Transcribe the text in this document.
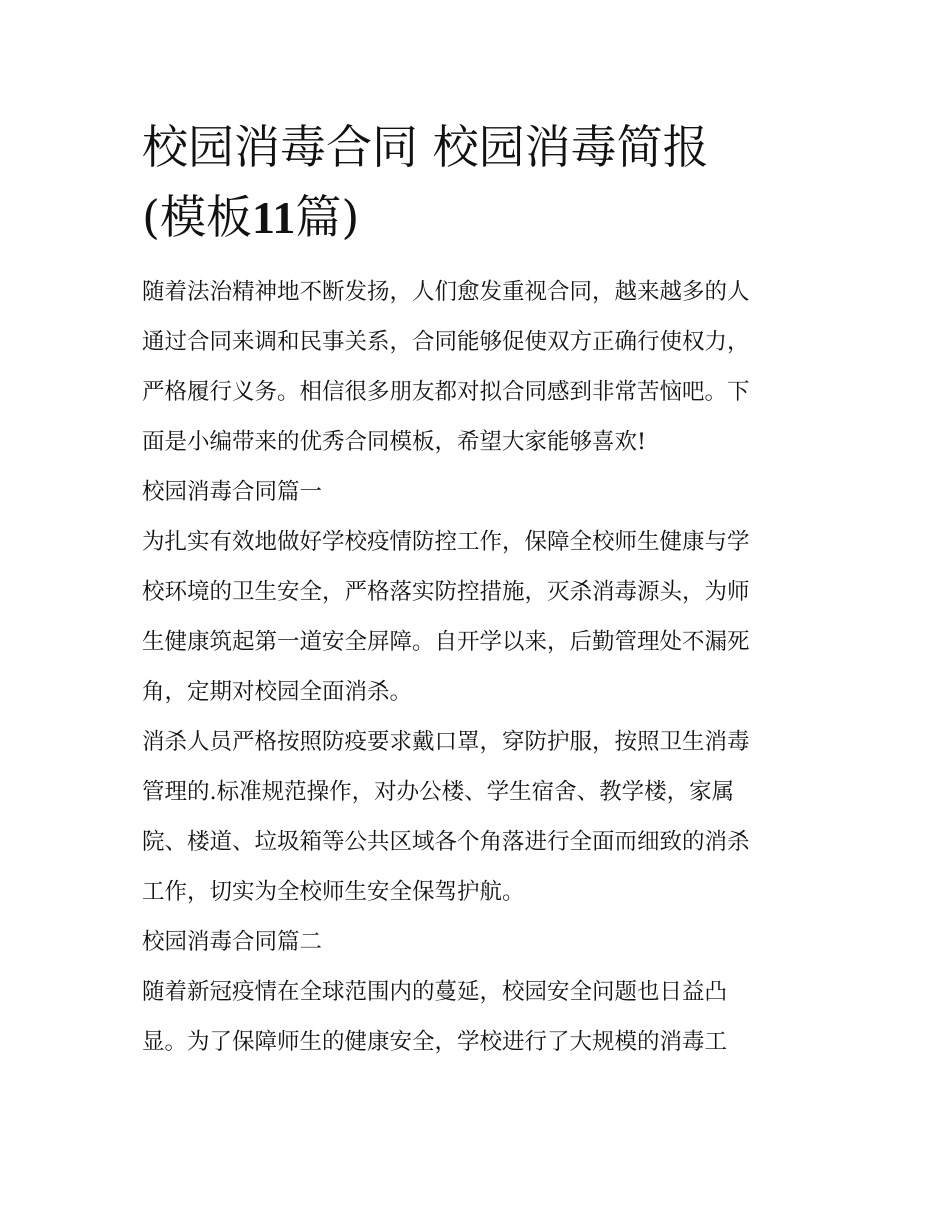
校园消毒合同 校园消毒简报
(模板11篇)

随着法治精神地不断发扬，人们愈发重视合同，越来越多的人
通过合同来调和民事关系，合同能够促使双方正确行使权力，
严格履行义务。相信很多朋友都对拟合同感到非常苦恼吧。下
面是小编带来的优秀合同模板，希望大家能够喜欢!

校园消毒合同篇一

为扎实有效地做好学校疫情防控工作，保障全校师生健康与学
校环境的卫生安全，严格落实防控措施，灭杀消毒源头，为师
生健康筑起第一道安全屏障。自开学以来，后勤管理处不漏死
角，定期对校园全面消杀。

消杀人员严格按照防疫要求戴口罩，穿防护服，按照卫生消毒
管理的.标准规范操作，对办公楼、学生宿舍、教学楼，家属
院、楼道、垃圾箱等公共区域各个角落进行全面而细致的消杀
工作，切实为全校师生安全保驾护航。

校园消毒合同篇二

随着新冠疫情在全球范围内的蔓延，校园安全问题也日益凸
显。为了保障师生的健康安全，学校进行了大规模的消毒工
